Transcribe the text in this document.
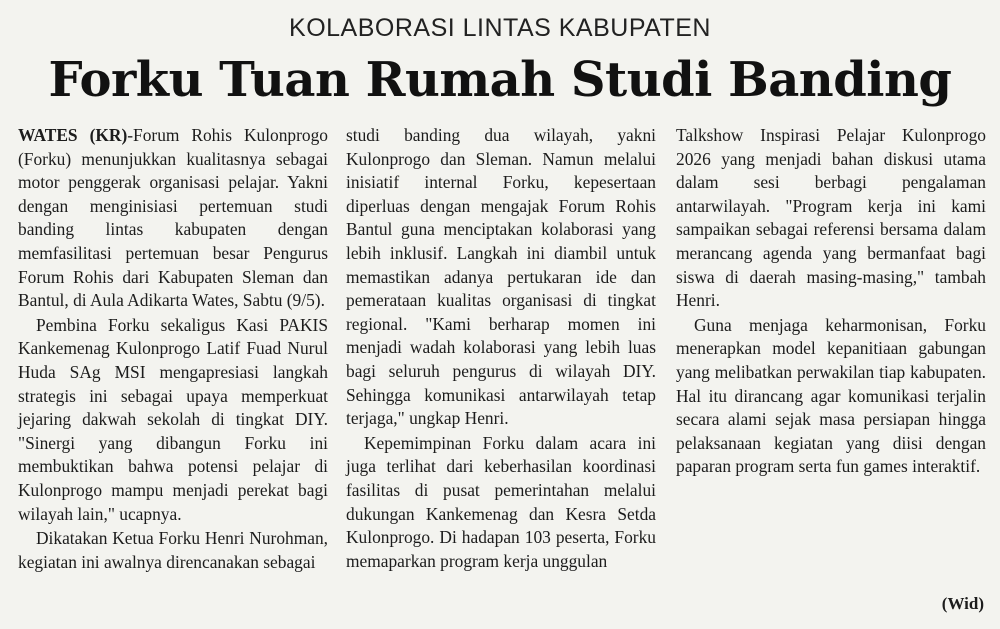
KOLABORASI LINTAS KABUPATEN
Forku Tuan Rumah Studi Banding

WATES (KR)-Forum Rohis Kulonprogo (Forku) menunjukkan kualitasnya sebagai motor penggerak organisasi pelajar. Yakni dengan menginisiasi pertemuan studi banding lintas kabupaten dengan memfasilitasi pertemuan besar Pengurus Forum Rohis dari Kabupaten Sleman dan Bantul, di Aula Adikarta Wates, Sabtu (9/5).

Pembina Forku sekaligus Kasi PAKIS Kankemenag Kulonprogo Latif Fuad Nurul Huda SAg MSI mengapresiasi langkah strategis ini sebagai upaya memperkuat jejaring dakwah sekolah di tingkat DIY. "Sinergi yang dibangun Forku ini membuktikan bahwa potensi pelajar di Kulonprogo mampu menjadi perekat bagi wilayah lain," ucapnya.

Dikatakan Ketua Forku Henri Nurohman, kegiatan ini awalnya direncanakan sebagai

studi banding dua wilayah, yakni Kulonprogo dan Sleman. Namun melalui inisiatif internal Forku, kepesertaan diperluas dengan mengajak Forum Rohis Bantul guna menciptakan kolaborasi yang lebih inklusif. Langkah ini diambil untuk memastikan adanya pertukaran ide dan pemerataan kualitas organisasi di tingkat regional. "Kami berharap momen ini menjadi wadah kolaborasi yang lebih luas bagi seluruh pengurus di wilayah DIY. Sehingga komunikasi antarwilayah tetap terjaga," ungkap Henri.

Kepemimpinan Forku dalam acara ini juga terlihat dari keberhasilan koordinasi fasilitas di pusat pemerintahan melalui dukungan Kankemenag dan Kesra Setda Kulonprogo. Di hadapan 103 peserta, Forku memaparkan program kerja unggulan

Talkshow Inspirasi Pelajar Kulonprogo 2026 yang menjadi bahan diskusi utama dalam sesi berbagi pengalaman antarwilayah. "Program kerja ini kami sampaikan sebagai referensi bersama dalam merancang agenda yang bermanfaat bagi siswa di daerah masing-masing," tambah Henri.

Guna menjaga keharmonisan, Forku menerapkan model kepanitiaan gabungan yang melibatkan perwakilan tiap kabupaten. Hal itu dirancang agar komunikasi terjalin secara alami sejak masa persiapan hingga pelaksanaan kegiatan yang diisi dengan paparan program serta fun games interaktif.

(Wid)
